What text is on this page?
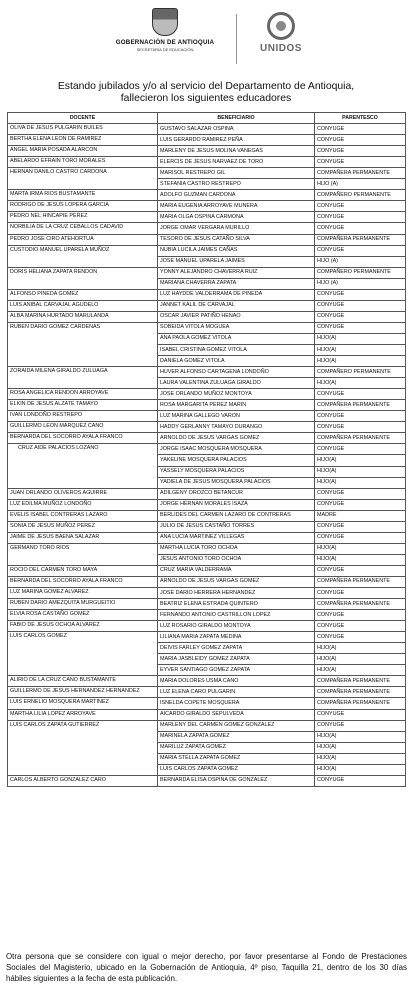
GOBERNACIÓN DE ANTIOQUIA
SECRETARÍA DE EDUCACIÓN	UNIDOS
Estando jubilados y/o al servicio del Departamento de Antioquia,
fallecieron los siguientes educadores
DOCENTE	BENEFICIARIO	PARENTESCO
OLIVA DE JESUS PULGARIN BUILES	GUSTAVO SALAZAR OSPINA	CONYUGE
BERTHA ELENA LEON DE RAMIREZ	LUIS GERARDO RAMIREZ PEÑA	CONYUGE
ANGEL MARIA POSADA ALARCON	MARLENY DE JESUS MOLINA VANEGAS	CONYUGE
ABELARDO EFRAIN TORO MORALES	ELERCIS DE JESUS NARVAEZ DE TORO	CONYUGE
HERNAN DANILO CASTRO CARDONA	MARISOL RESTREPO GIL	COMPAÑERA PERMANENTE
	STEFANIA CASTRO RESTREPO	HIJO (A)
MARTA IRMA RIOS BUSTAMANTE	ADOLFO GUZMAN CARDONA	COMPAÑERO PERMANENTE
RODRIGO DE JESUS LOPERA GARCIA	MARIA EUGENIA ARROYAVE MUNERA	CONYUGE
PEDRO NEL HINCAPIE PEREZ	MARIA OLGA OSPINA CARMONA	CONYUGE
NORBILIA DE LA CRUZ CEBALLOS CADAVID	JORGE OMAR VERGARA MURILLO	CONYUGE
PEDRO JOSE CIRO ATEHORTUA	TESORO DE JESUS CATAÑO SILVA	COMPAÑERA PERMANENTE
CUSTODIO MANUEL UPARELA MUÑOZ	NUBIA LUCILA JAIMES CAÑAS	CONYUGE
	JOSE MANUEL UPARELA JAIMES	HIJO (A)
DORIS HELIANA ZAPATA RENDON	YONNY ALEJANDRO CHAVERRA RUIZ	COMPAÑERO PERMANENTE
	MARIANA CHAVERRA ZAPATA	HIJO (A)
ALFONSO PINEDA GOMEZ	LUZ HAYDDE VALDERRAMA DE PINEDA	CONYUGE
LUIS ANIBAL CARVAJAL AGUDELO	JANNET KALIL DE CARVAJAL	CONYUGE
ALBA MARINA HURTADO MARULANDA	OSCAR JAVIER PATIÑO HENAO	CONYUGE
RUBEN DARIO GOMEZ CARDENAS	SOBEIDA VITOLA MOGUEA	CONYUGE
	ANA PAOLA GOMEZ VITOLA	HIJO(A)
	ISABEL CRISTINA GOMEZ VITOLA	HIJO(A)
	DANIELA GOMEZ VITOLA	HIJO(A)
ZORAIDA MILENA GIRALDO ZULUAGA	HUVER ALFONSO CARTAGENA LONDOÑO	COMPAÑERO PERMANENTE
	LAURA VALENTINA ZULUAGA GIRALDO	HIJO(A)
ROSA ANGELICA RENDON ARROYAVE	JOSE ORLANDO MUÑOZ MONTOYA	CONYUGE
ELKIN DE JESUS ALZATE TAMAYO	ROSA MARGARITA PEREZ MARIN	COMPAÑERA PERMANENTE
IVAN LONDOÑO RESTREPO	LUZ MARINA GALLEGO VARON	CONYUGE
GUILLERMO LEON MARQUEZ CANO	HADDY GERLANNY TAMAYO DURANGO	CONYUGE
BERNARDA DEL SOCORRO AYALA FRANCO	ARNOLDO DE JESUS VARGAS GOMEZ	COMPAÑERA PERMANENTE
CRUZ AIDE PALACIOS LOZANO	JORGE ISAAC MOSQUERA MOSQUERA	CONYUGE
	YAKELINE MOSQUERA PALACIOS	HIJO(A)
	YASSELY MOSQUERA PALACIOS	HIJO(A)
	YADIELA DE JESUS MOSQUERA PALACIOS	HIJO(A)
JUAN ORLANDO OLIVEROS AGUIRRE	ADILGENY OROZCO BETANCUR	CONYUGE
LUZ EDILMA MUÑOZ LONDOÑO	JORGE HERNAN MORALES ISAZA	CONYUGE
EVELIS ISABEL CONTRERAS LAZARO	BERLIDES DEL CARMEN LAZARO DE CONTRERAS	MADRE
SONIA DE JESUS MUÑOZ PEREZ	JULIO DE JESUS CASTAÑO TORRES	CONYUGE
JAIME DE JESUS BAENA SALAZAR	ANA LUCIA MARTINEZ VILLEGAS	CONYUGE
GERMANO TORO RIOS	MARTHA LUCIA TORO OCHOA	HIJO(A)
	JESUS ANTONIO TORO OCHOA	HIJO(A)
ROCIO DEL CARMEN TORO MAYA	CRUZ MARIA VALDERRAMA	CONYUGE
BERNARDA DEL SOCORRO AYALA FRANCO	ARNOLDO DE JESUS VARGAS GOMEZ	COMPAÑERA PERMANENTE
LUZ MARINA GOMEZ ALVAREZ	JOSE DARIO HERRERA HERNANDEZ	CONYUGE
RUBEN DARIO AMEZQUITA MURGUEITIO	BEATRIZ ELENA ESTRADA QUINTERO	COMPAÑERA PERMANENTE
ELVIA ROSA CASTAÑO GOMEZ	FERNANDO ANTONIO CASTRILLON LOPEZ	CONYUGE
FABIO DE JESUS OCHOA ALVAREZ	LUZ ROSARIO GIRALDO MONTOYA	CONYUGE
LUIS CARLOS GOMEZ	LILIANA MARIA ZAPATA MEDINA	CONYUGE
	DEIVIS FARLEY GOMEZ ZAPATA	HIJO(A)
	MARIA JASBLEIDY GOMEZ ZAPATA	HIJO(A)
	EYVER SANTIAGO GOMEZ ZAPATA	HIJO(A)
ALIRIO DE LA CRUZ CANO BUSTAMANTE	MARIA DOLORES USMA CANO	COMPAÑERA PERMANENTE
GUILLERMO DE JESUS HERNANDEZ HERNANDEZ	LUZ ELENA CARO PULGARIN	COMPAÑERA PERMANENTE
LUIS ERNELIO MOSQUERA MARTINEZ	ISNELDA COPETE MOSQUERA	COMPAÑERA PERMANENTE
MARTHA LILIA LOPEZ ARROYAVE	AICARDO GIRALDO SEPULVEDA	CONYUGE
LUIS CARLOS ZAPATA GUTIERREZ	MARLENY DEL CARMEN GOMEZ GONZALEZ	CONYUGE
	MARINELA ZAPATA GOMEZ	HIJO(A)
	MARILUZ ZAPATA GOMEZ	HIJO(A)
	MARIA STELLA ZAPATA GOMEZ	HIJO(A)
	LUIS CARLOS ZAPATA GOMEZ	HIJO(A)
CARLOS ALBERTO GONZALEZ CARO	BERNARDA ELISA OSPINA DE GONZALEZ	CONYUGE
Otra persona que se considere con igual o mejor derecho, por favor presentarse al Fondo de Prestaciones Sociales del Magisterio, ubicado en la Gobernación de Antioquia, 4º piso, Taquilla 21, dentro de los 30 días hábiles siguientes a la fecha de esta publicación.
